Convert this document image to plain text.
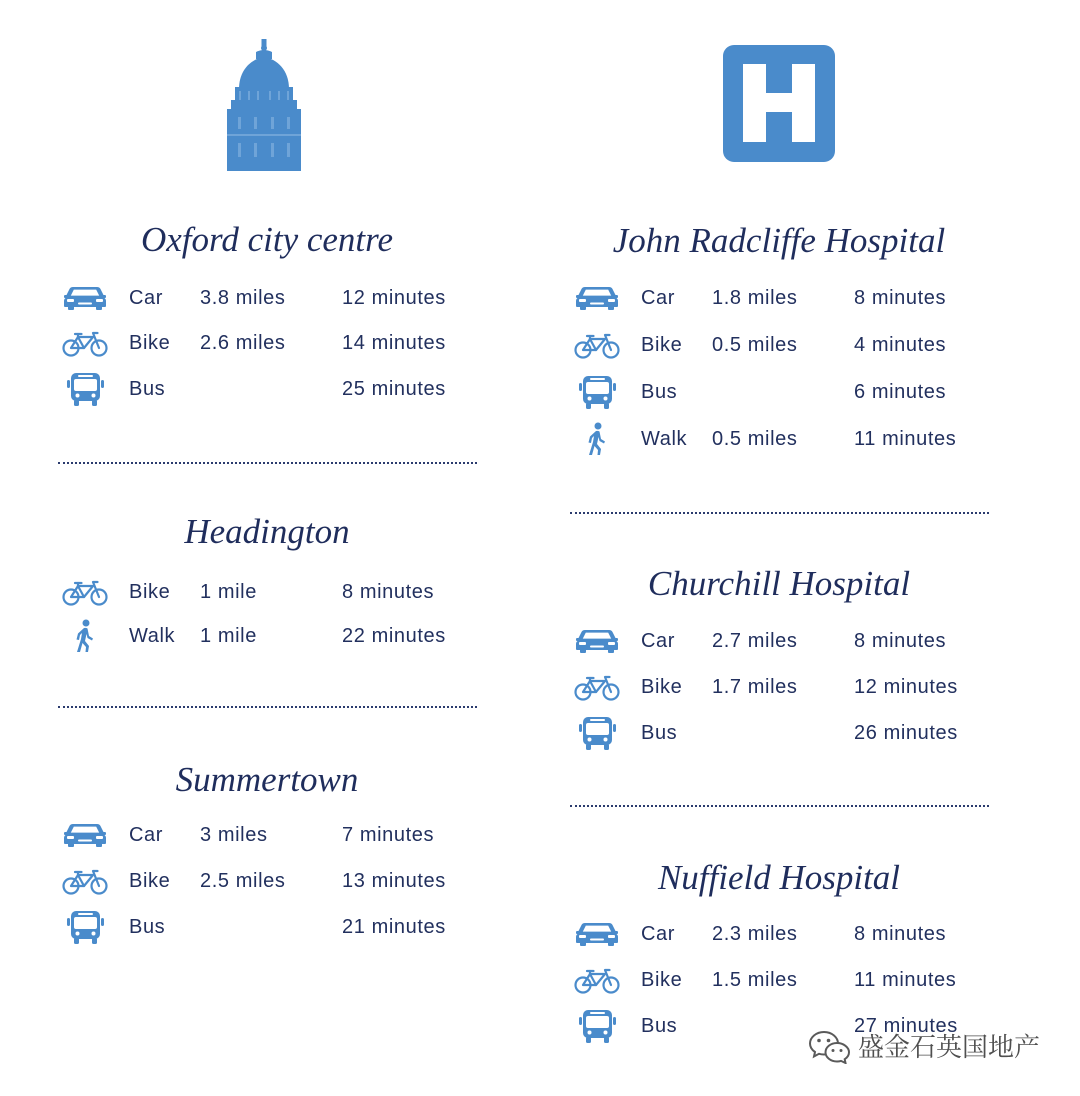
Oxford city centre
Car 3.8 miles	12 minutes
Bike 2.6 miles	14 minutes
Bus	25 minutes
Headington
Bike 1 mile	8 minutes
Walk 1 mile	22 minutes
Summertown
Car 3 miles	7 minutes
Bike 2.5 miles	13 minutes
Bus	21 minutes
John Radcliffe Hospital
Car 1.8 miles	8 minutes
Bike 0.5 miles	4 minutes
Bus	6 minutes
Walk 0.5 miles	11 minutes
Churchill Hospital
Car 2.7 miles	8 minutes
Bike 1.7 miles	12 minutes
Bus	26 minutes
Nuffield Hospital
Car 2.3 miles	8 minutes
Bike 1.5 miles	11 minutes
Bus	27 minutes
盛金石英国地产
